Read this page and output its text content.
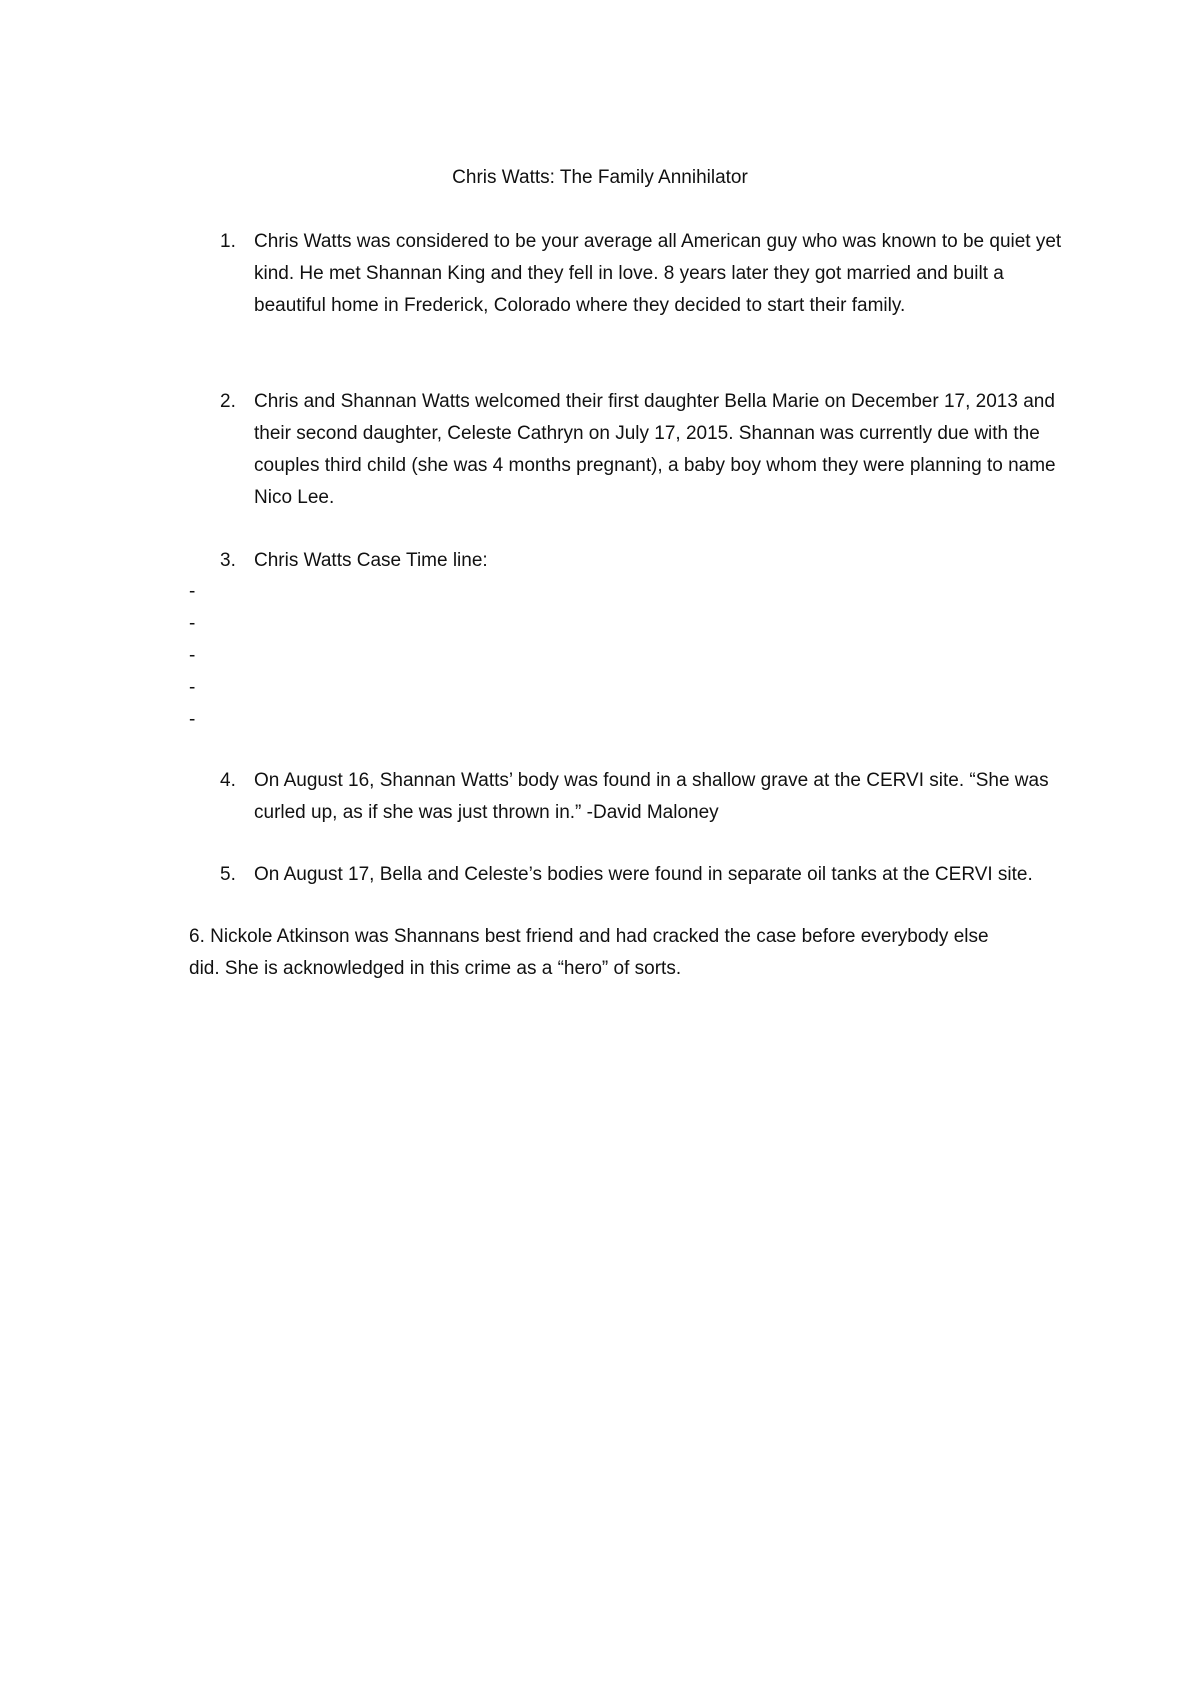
Chris Watts: The Family Annihilator

1. Chris Watts was considered to be your average all American guy who was known to be quiet yet kind. He met Shannan King and they fell in love. 8 years later they got married and built a beautiful home in Frederick, Colorado where they decided to start their family.

2. Chris and Shannan Watts welcomed their first daughter Bella Marie on December 17, 2013 and their second daughter, Celeste Cathryn on July 17, 2015. Shannan was currently due with the couples third child (she was 4 months pregnant), a baby boy whom they were planning to name Nico Lee.

3. Chris Watts Case Time line:

-

-

-

-

-

4. On August 16, Shannan Watts’ body was found in a shallow grave at the CERVI site. “She was curled up, as if she was just thrown in.” -David Maloney

5. On August 17, Bella and Celeste’s bodies were found in separate oil tanks at the CERVI site.

6. Nickole Atkinson was Shannans best friend and had cracked the case before everybody else did. She is acknowledged in this crime as a “hero” of sorts.
